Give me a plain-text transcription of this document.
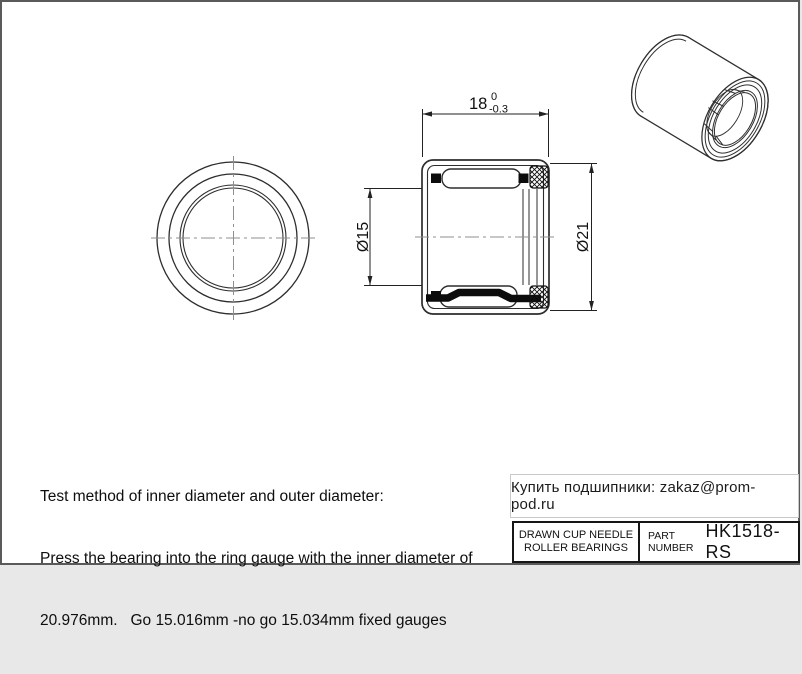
18 0
-0.3
Ø15	Ø21

Test method of inner diameter and outer diameter:

Press the bearing into the ring gauge with the inner diameter of

20.976mm.   Go 15.016mm -no go 15.034mm fixed gauges

Купить подшипники: zakaz@prom-pod.ru
DRAWN CUP NEEDLE
ROLLER BEARINGS
PART
NUMBER
HK1518-RS
